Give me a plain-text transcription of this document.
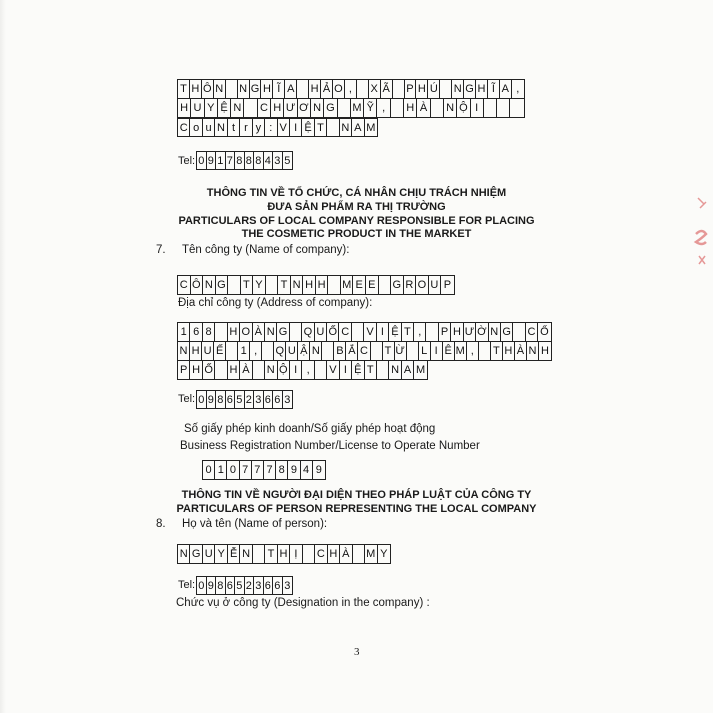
T H Ô N N G H Ĩ A H Ả O ,	X Ã P H Ú N G H Ĩ A ,
H U Y Ệ N C H Ư Ơ N G M Ỹ ,	H À	N Ộ I
C o u N t r y : V I Ệ T	N A M
Tel: 0 9 1 7 8 8 8 4 3 5
THÔNG TIN VỀ TỔ CHỨC, CÁ NHÂN CHỊU TRÁCH NHIỆM
ĐƯA SẢN PHẨM RA THỊ TRƯỜNG
PARTICULARS OF LOCAL COMPANY RESPONSIBLE FOR PLACING
THE COSMETIC PRODUCT IN THE MARKET
7. Tên công ty (Name of company):
C Ô N G T Y T N H H M E E G R O U P
Địa chỉ công ty (Address of company):
1 6 8	H O À N G Q U Ố C V I Ệ T ,	P H Ư Ờ N G C Ổ
N H U Ế 1 ,	Q U Ậ N B Ắ C T Ừ L I Ê M ,	T H À N H
P H Ố H À N Ộ I ,	V I Ệ T	N A M
Tel: 0 9 8 6 5 2 3 6 6 3
Số giấy phép kinh doanh/Số giấy phép hoạt động
Business Registration Number/License to Operate Number
0 1 0 7 7 7 8 9 4 9
THÔNG TIN VỀ NGƯỜI ĐẠI DIỆN THEO PHÁP LUẬT CỦA CÔNG TY
PARTICULARS OF PERSON REPRESENTING THE LOCAL COMPANY
8. Họ và tên (Name of person):
N G U Y Ễ N T H Ị	C H À M Y
Tel: 0 9 8 6 5 2 3 6 6 3
Chức vụ ở công ty (Designation in the company) :
3
